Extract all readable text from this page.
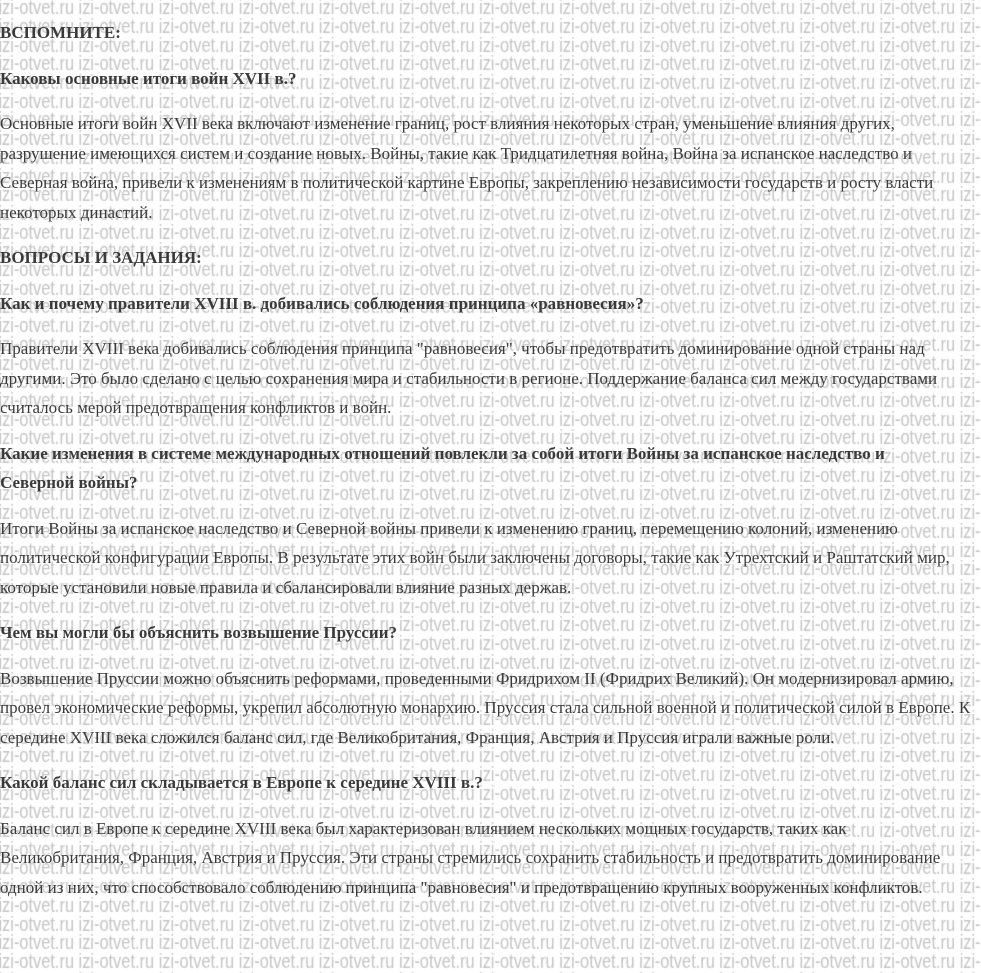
ВСПОМНИТЕ:
Каковы основные итоги войн XVII в.?
Основные итоги войн XVII века включают изменение границ, рост влияния некоторых стран, уменьшение влияния других, разрушение имеющихся систем и создание новых. Войны, такие как Тридцатилетняя война, Война за испанское наследство и Северная война, привели к изменениям в политической картине Европы, закреплению независимости государств и росту власти некоторых династий.
ВОПРОСЫ И ЗАДАНИЯ:
Как и почему правители XVIII в. добивались соблюдения принципа «равновесия»?
Правители XVIII века добивались соблюдения принципа "равновесия", чтобы предотвратить доминирование одной страны над другими. Это было сделано с целью сохранения мира и стабильности в регионе. Поддержание баланса сил между государствами считалось мерой предотвращения конфликтов и войн.
Какие изменения в системе международных отношений повлекли за собой итоги Войны за испанское наследство и Северной войны?
Итоги Войны за испанское наследство и Северной войны привели к изменению границ, перемещению колоний, изменению политической конфигурации Европы. В результате этих войн были заключены договоры, такие как Утрехтский и Раштатский мир, которые установили новые правила и сбалансировали влияние разных держав.
Чем вы могли бы объяснить возвышение Пруссии?
Возвышение Пруссии можно объяснить реформами, проведенными Фридрихом II (Фридрих Великий). Он модернизировал армию, провел экономические реформы, укрепил абсолютную монархию. Пруссия стала сильной военной и политической силой в Европе. К середине XVIII века сложился баланс сил, где Великобритания, Франция, Австрия и Пруссия играли важные роли.
Какой баланс сил складывается в Европе к середине XVIII в.?
Баланс сил в Европе к середине XVIII века был характеризован влиянием нескольких мощных государств, таких как Великобритания, Франция, Австрия и Пруссия. Эти страны стремились сохранить стабильность и предотвратить доминирование одной из них, что способствовало соблюдению принципа "равновесия" и предотвращению крупных вооруженных конфликтов.
